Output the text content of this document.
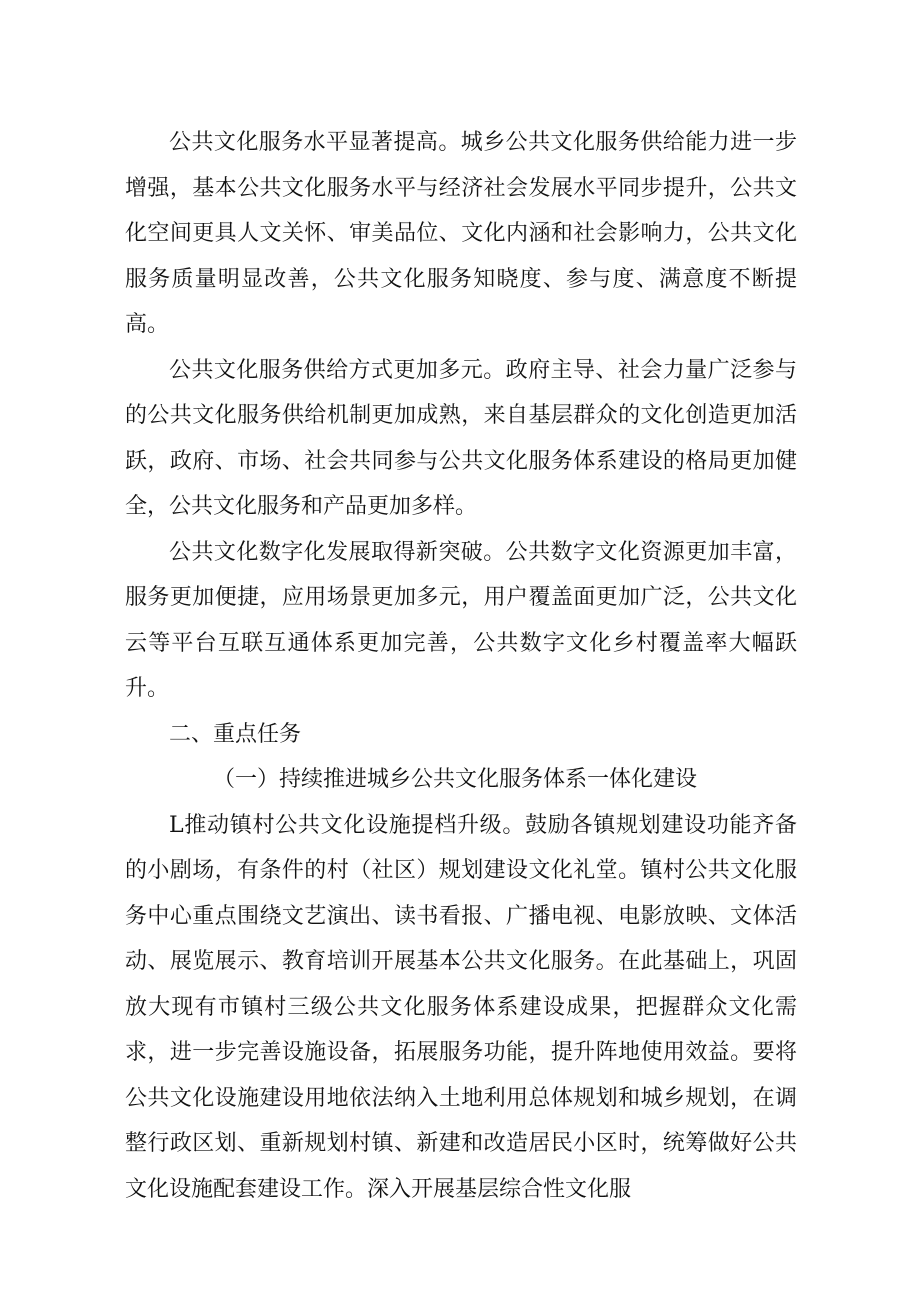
公共文化服务水平显著提高。城乡公共文化服务供给能力进一步增强，基本公共文化服务水平与经济社会发展水平同步提升，公共文化空间更具人文关怀、审美品位、文化内涵和社会影响力，公共文化服务质量明显改善，公共文化服务知晓度、参与度、满意度不断提高。

公共文化服务供给方式更加多元。政府主导、社会力量广泛参与的公共文化服务供给机制更加成熟，来自基层群众的文化创造更加活跃，政府、市场、社会共同参与公共文化服务体系建设的格局更加健全，公共文化服务和产品更加多样。

公共文化数字化发展取得新突破。公共数字文化资源更加丰富，服务更加便捷，应用场景更加多元，用户覆盖面更加广泛，公共文化云等平台互联互通体系更加完善，公共数字文化乡村覆盖率大幅跃升。

二、重点任务

（一）持续推进城乡公共文化服务体系一体化建设

L推动镇村公共文化设施提档升级。鼓励各镇规划建设功能齐备的小剧场，有条件的村（社区）规划建设文化礼堂。镇村公共文化服务中心重点围绕文艺演出、读书看报、广播电视、电影放映、文体活动、展览展示、教育培训开展基本公共文化服务。在此基础上，巩固放大现有市镇村三级公共文化服务体系建设成果，把握群众文化需求，进一步完善设施设备，拓展服务功能，提升阵地使用效益。要将公共文化设施建设用地依法纳入土地利用总体规划和城乡规划，在调整行政区划、重新规划村镇、新建和改造居民小区时，统筹做好公共文化设施配套建设工作。深入开展基层综合性文化服
